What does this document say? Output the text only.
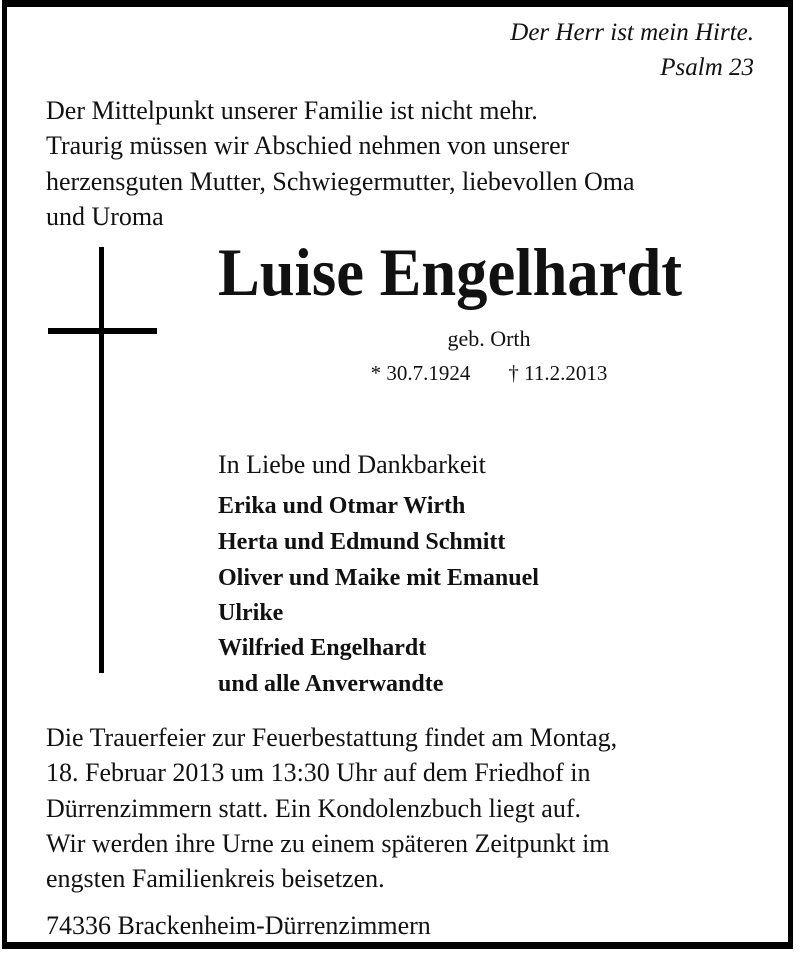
Der Herr ist mein Hirte.
Psalm 23
Der Mittelpunkt unserer Familie ist nicht mehr.
Traurig müssen wir Abschied nehmen von unserer
herzensguten Mutter, Schwiegermutter, liebevollen Oma
und Uroma
Luise Engelhardt
geb. Orth
* 30.7.1924 † 11.2.2013
In Liebe und Dankbarkeit
Erika und Otmar Wirth
Herta und Edmund Schmitt
Oliver und Maike mit Emanuel
Ulrike
Wilfried Engelhardt
und alle Anverwandte
Die Trauerfeier zur Feuerbestattung findet am Montag,
18. Februar 2013 um 13:30 Uhr auf dem Friedhof in
Dürrenzimmern statt. Ein Kondolenzbuch liegt auf.
Wir werden ihre Urne zu einem späteren Zeitpunkt im
engsten Familienkreis beisetzen.
74336 Brackenheim-Dürrenzimmern
